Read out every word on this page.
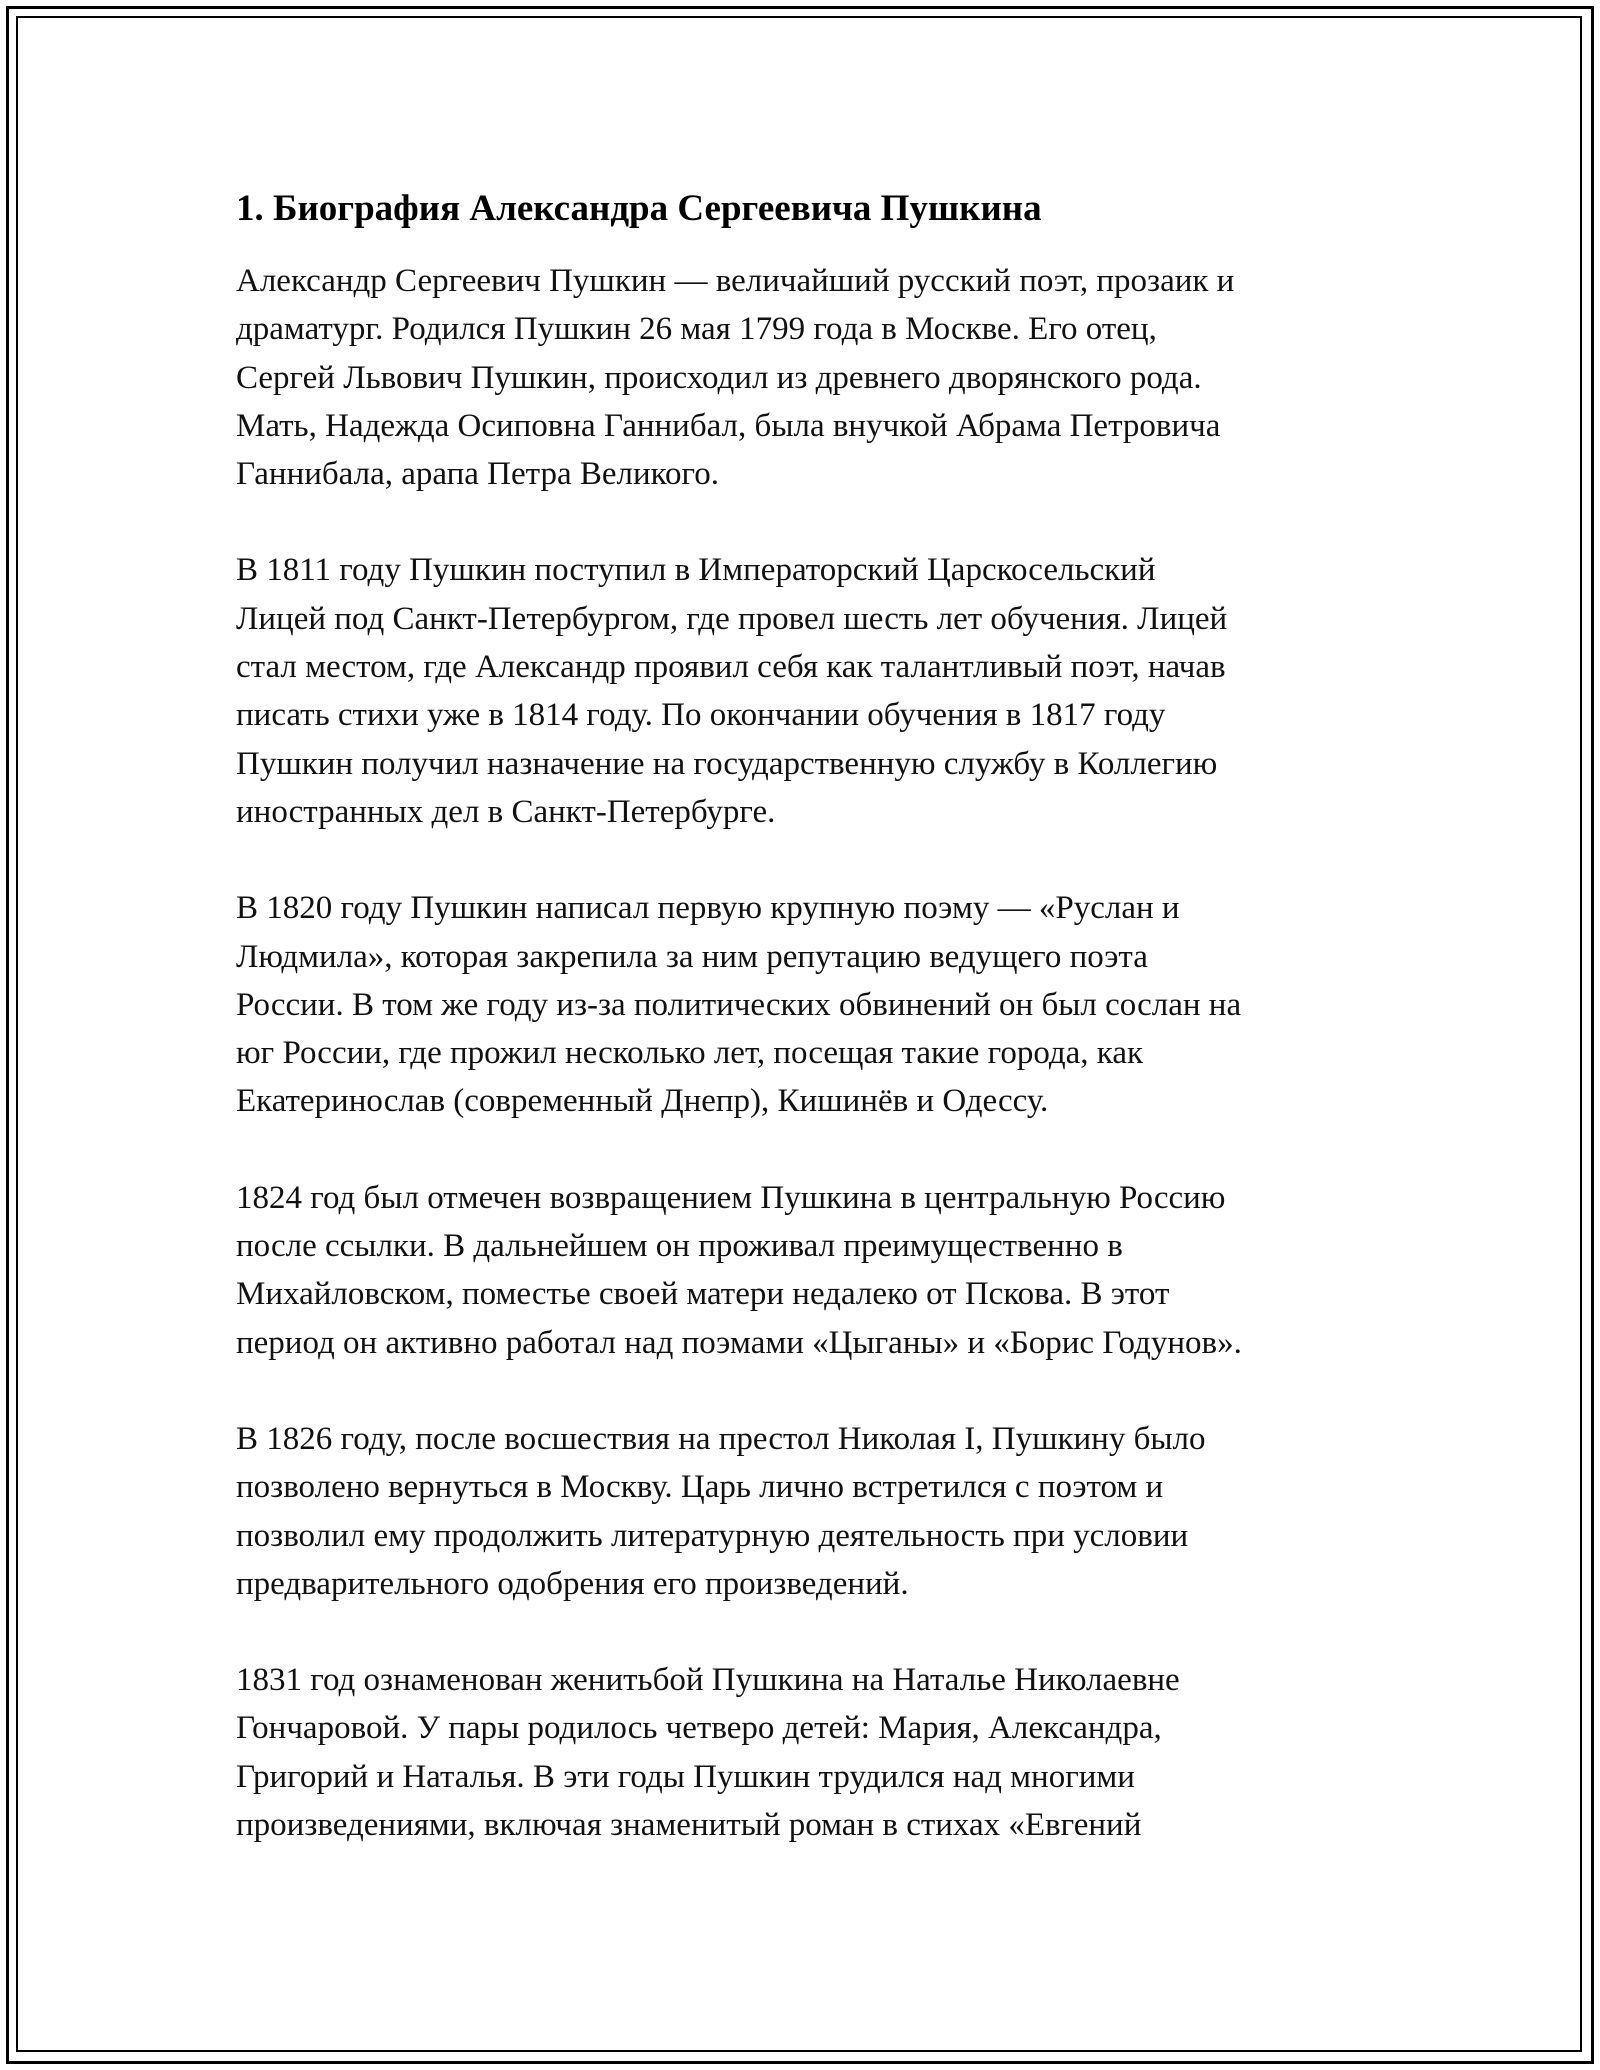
1. Биография Александра Сергеевича Пушкина
Александр Сергеевич Пушкин — величайший русский поэт, прозаик и
драматург. Родился Пушкин 26 мая 1799 года в Москве. Его отец,
Сергей Львович Пушкин, происходил из древнего дворянского рода.
Мать, Надежда Осиповна Ганнибал, была внучкой Абрама Петровича
Ганнибала, арапа Петра Великого.
В 1811 году Пушкин поступил в Императорский Царскосельский
Лицей под Санкт-Петербургом, где провел шесть лет обучения. Лицей
стал местом, где Александр проявил себя как талантливый поэт, начав
писать стихи уже в 1814 году. По окончании обучения в 1817 году
Пушкин получил назначение на государственную службу в Коллегию
иностранных дел в Санкт-Петербурге.
В 1820 году Пушкин написал первую крупную поэму — «Руслан и
Людмила», которая закрепила за ним репутацию ведущего поэта
России. В том же году из-за политических обвинений он был сослан на
юг России, где прожил несколько лет, посещая такие города, как
Екатеринослав (современный Днепр), Кишинёв и Одессу.
1824 год был отмечен возвращением Пушкина в центральную Россию
после ссылки. В дальнейшем он проживал преимущественно в
Михайловском, поместье своей матери недалеко от Пскова. В этот
период он активно работал над поэмами «Цыганы» и «Борис Годунов».
В 1826 году, после восшествия на престол Николая I, Пушкину было
позволено вернуться в Москву. Царь лично встретился с поэтом и
позволил ему продолжить литературную деятельность при условии
предварительного одобрения его произведений.
1831 год ознаменован женитьбой Пушкина на Наталье Николаевне
Гончаровой. У пары родилось четверо детей: Мария, Александра,
Григорий и Наталья. В эти годы Пушкин трудился над многими
произведениями, включая знаменитый роман в стихах «Евгений
